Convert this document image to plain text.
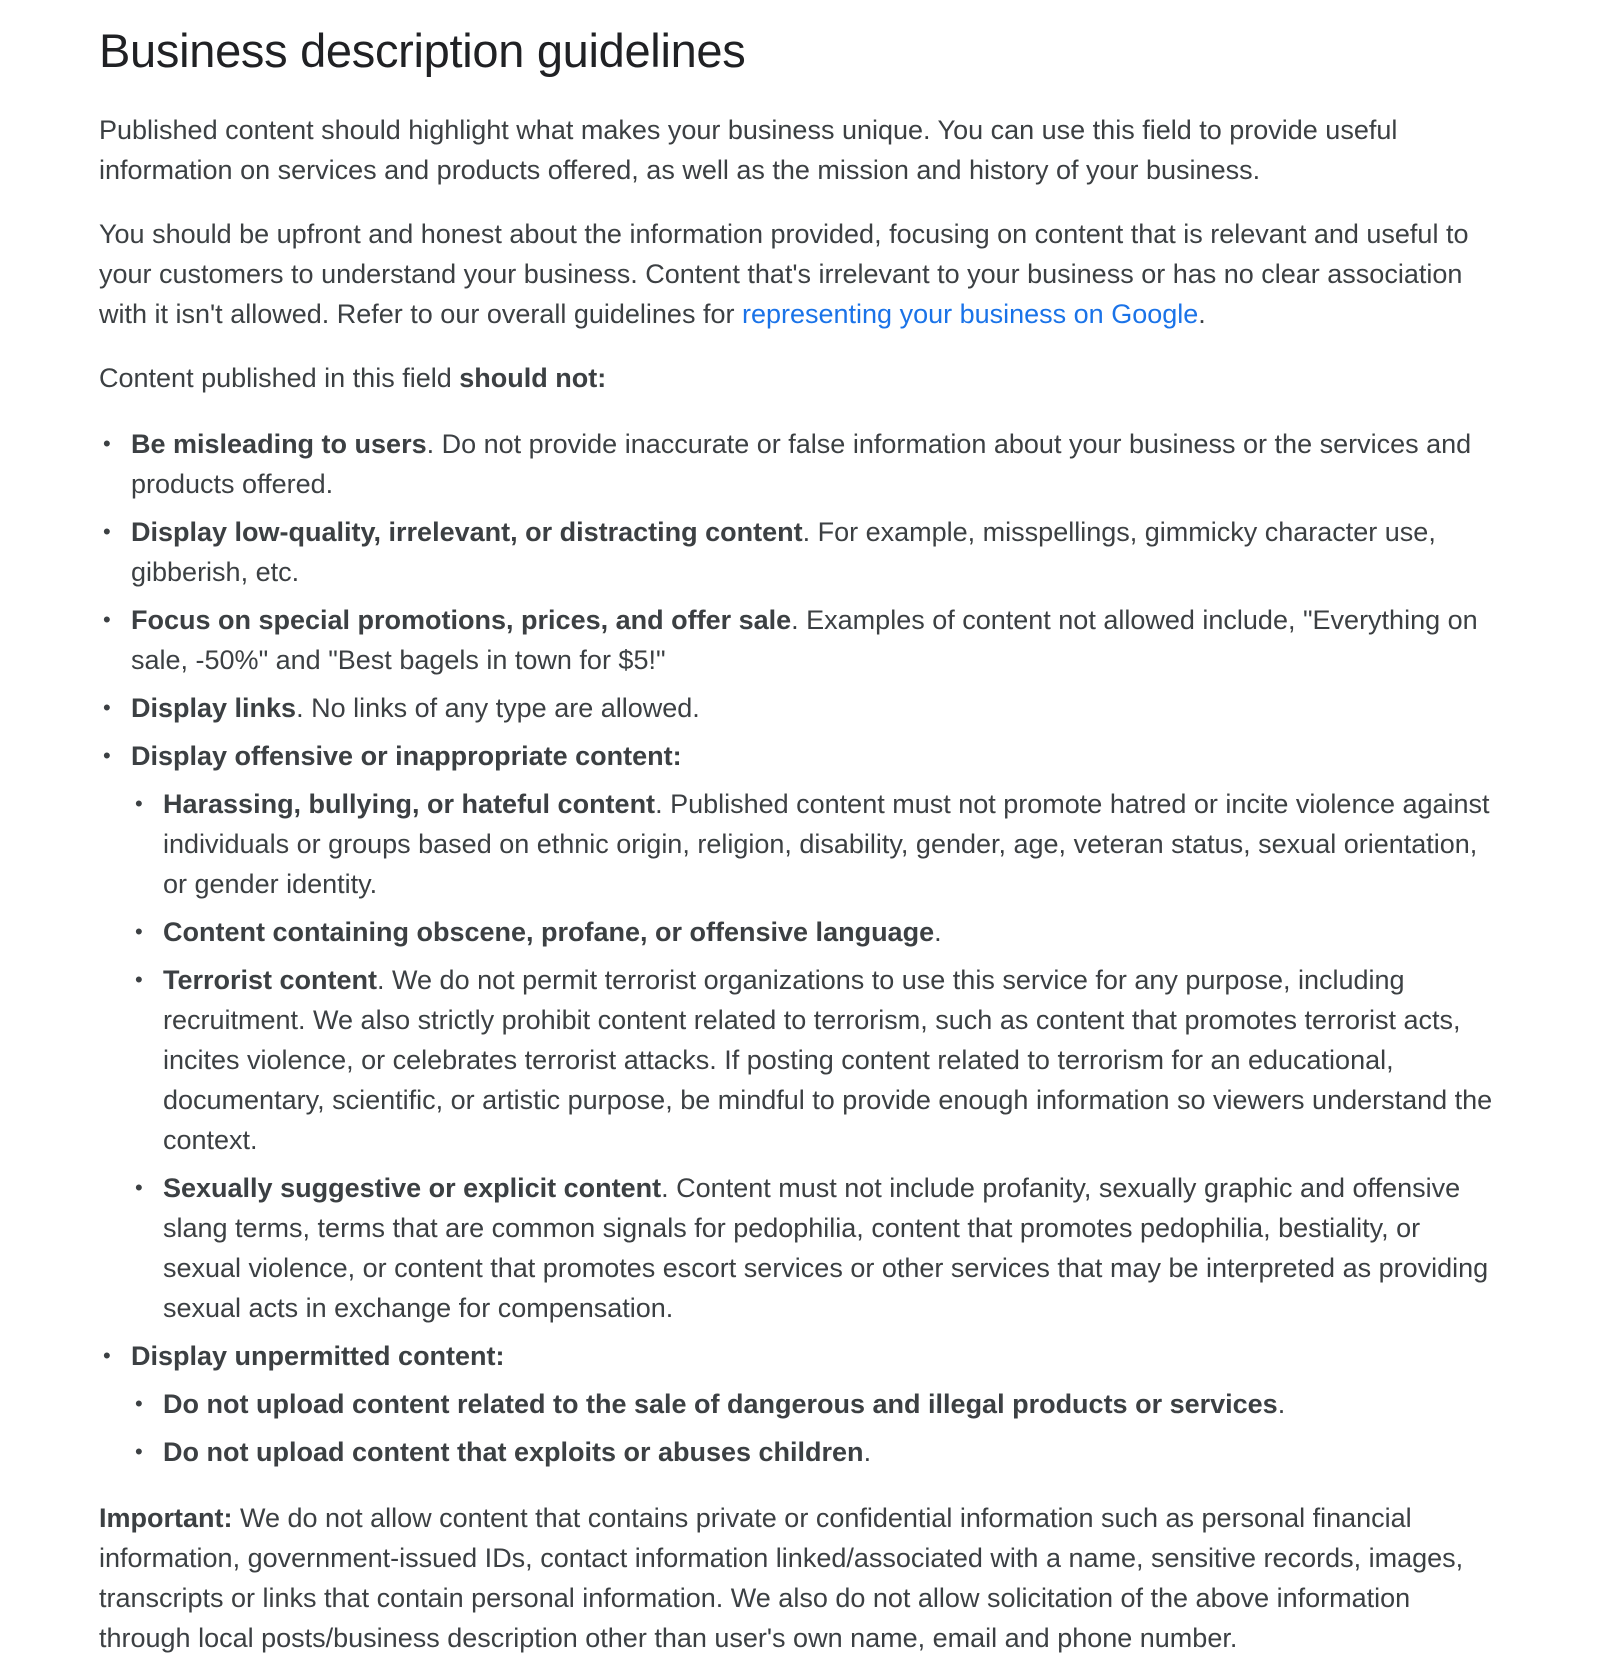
Business description guidelines

Published content should highlight what makes your business unique. You can use this field to provide useful information on services and products offered, as well as the mission and history of your business.

You should be upfront and honest about the information provided, focusing on content that is relevant and useful to your customers to understand your business. Content that's irrelevant to your business or has no clear association with it isn't allowed. Refer to our overall guidelines for representing your business on Google.

Content published in this field should not:

• Be misleading to users. Do not provide inaccurate or false information about your business or the services and products offered.
• Display low-quality, irrelevant, or distracting content. For example, misspellings, gimmicky character use, gibberish, etc.
• Focus on special promotions, prices, and offer sale. Examples of content not allowed include, "Everything on sale, -50%" and "Best bagels in town for $5!"
• Display links. No links of any type are allowed.
• Display offensive or inappropriate content:
• Harassing, bullying, or hateful content. Published content must not promote hatred or incite violence against individuals or groups based on ethnic origin, religion, disability, gender, age, veteran status, sexual orientation, or gender identity.
• Content containing obscene, profane, or offensive language.
• Terrorist content. We do not permit terrorist organizations to use this service for any purpose, including recruitment. We also strictly prohibit content related to terrorism, such as content that promotes terrorist acts, incites violence, or celebrates terrorist attacks. If posting content related to terrorism for an educational, documentary, scientific, or artistic purpose, be mindful to provide enough information so viewers understand the context.
• Sexually suggestive or explicit content. Content must not include profanity, sexually graphic and offensive slang terms, terms that are common signals for pedophilia, content that promotes pedophilia, bestiality, or sexual violence, or content that promotes escort services or other services that may be interpreted as providing sexual acts in exchange for compensation.
• Display unpermitted content:
• Do not upload content related to the sale of dangerous and illegal products or services.
• Do not upload content that exploits or abuses children.

Important: We do not allow content that contains private or confidential information such as personal financial information, government-issued IDs, contact information linked/associated with a name, sensitive records, images, transcripts or links that contain personal information. We also do not allow solicitation of the above information through local posts/business description other than user's own name, email and phone number.
